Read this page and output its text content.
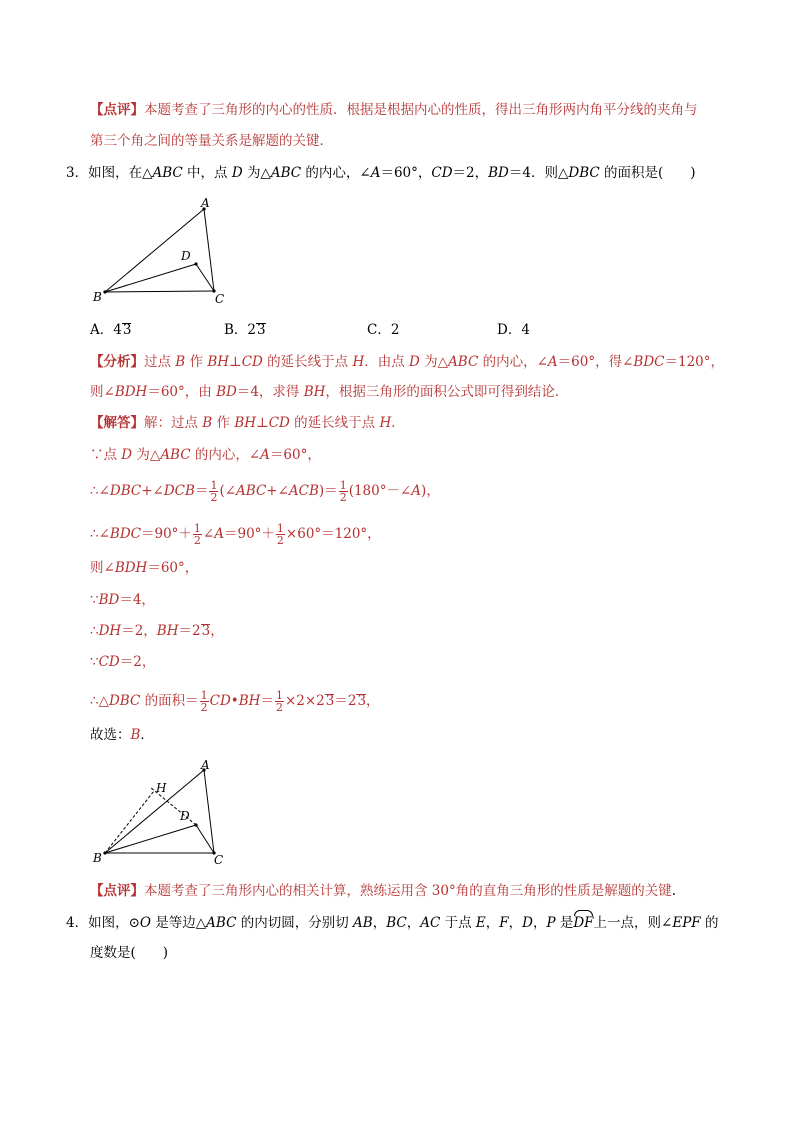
【点评】本题考查了三角形的内心的性质．根据是根据内心的性质，得出三角形两内角平分线的夹角与
第三个角之间的等量关系是解题的关键．
3．如图，在△ABC 中，点 D 为△ABC 的内心，∠A＝60°，CD＝2，BD＝4．则△DBC 的面积是(　　)
A
B	C
D
A．43	B．23	C．2	D．4
【分析】过点 B 作 BH⊥CD 的延长线于点 H．由点 D 为△ABC 的内心，∠A＝60°，得∠BDC＝120°，
则∠BDH＝60°，由 BD＝4，求得 BH，根据三角形的面积公式即可得到结论．
【解答】解：过点 B 作 BH⊥CD 的延长线于点 H．
∵点 D 为△ABC 的内心，∠A＝60°，
∴∠DBC+∠DCB＝ $\frac{1}{2}$ (∠ABC+∠ACB)＝ $\frac{1}{2}$ (180°－∠A)，
∴∠BDC＝90°＋ $\frac{1}{2}$ ∠A＝90°＋ $\frac{1}{2} \times 60^\circ=120^\circ$，
则∠BDH＝60°，
∵BD＝4，
∴DH＝2，BH＝23，
∵CD＝2，
∴△DBC 的面积＝ $\frac{1}{2}$ CD•BH＝ $\frac{1}{2} \times 2\times 23=23$，
故选：B．
A
B	C
D
H
【点评】本题考查了三角形内心的相关计算，熟练运用含 30°角的直角三角形的性质是解题的关键.
4．如图，⊙O 是等边△ABC 的内切圆，分别切 AB，BC，AC 于点 E，F，D，P 是DF上一点，则∠EPF 的
度数是(　　)
